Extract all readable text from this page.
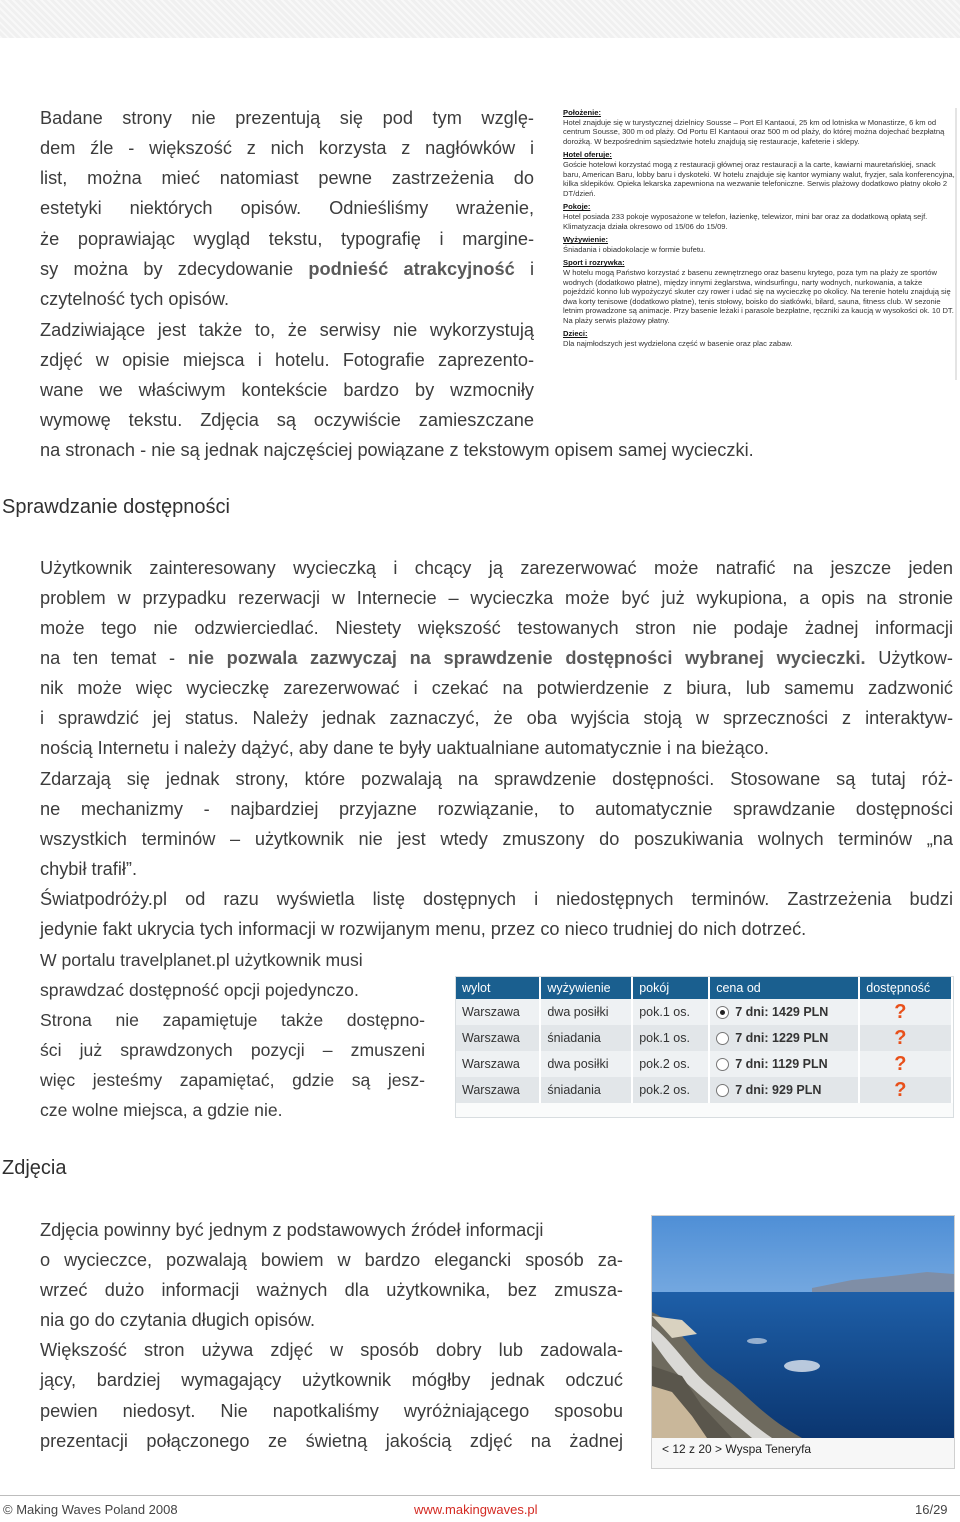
Badane strony nie prezentują się pod tym wzglę-

dem źle - większość z nich korzysta z nagłówków i

list, można mieć natomiast pewne zastrzeżenia do

estetyki niektórych opisów. Odnieśliśmy wrażenie,

że poprawiając wygląd tekstu, typografię i margine-

sy można by zdecydowanie podnieść atrakcyjność i

czytelność tych opisów.

Zadziwiające jest także to, że serwisy nie wykorzystują

zdjęć w opisie miejsca i hotelu. Fotografie zaprezento-

wane we właściwym kontekście bardzo by wzmocniły

wymowę tekstu. Zdjęcia są oczywiście zamieszczane

na stronach - nie są jednak najczęściej powiązane z tekstowym opisem samej wycieczki.

Położenie:
Hotel znajduje się w turystycznej dzielnicy Sousse – Port El Kantaoui, 25 km od lotniska w Monastirze, 6 km od centrum Sousse, 300 m od plaży. Od Portu El Kantaoui oraz 500 m od plaży, do której można dojechać bezpłatną dorożką. W bezpośrednim sąsiedztwie hotelu znajdują się restauracje, kafeterie i sklepy.
Hotel oferuje:
Goście hotelowi korzystać mogą z restauracji głównej oraz restauracji a la carte, kawiarni mauretańskiej, snack baru, American Baru, lobby baru i dyskoteki. W hotelu znajduje się kantor wymiany walut, fryzjer, sala konferencyjna, kilka sklepików. Opieka lekarska zapewniona na wezwanie telefoniczne. Serwis plażowy dodatkowo płatny około 2 DT/dzień.
Pokoje:
Hotel posiada 233 pokoje wyposażone w telefon, łazienkę, telewizor, mini bar oraz za dodatkową opłatą sejf. Klimatyzacja działa okresowo od 15/06 do 15/09.
Wyżywienie:
Śniadania i obiadokolacje w formie bufetu.
Sport i rozrywka:
W hotelu mogą Państwo korzystać z basenu zewnętrznego oraz basenu krytego, poza tym na plaży ze sportów wodnych (dodatkowo płatne), między innymi żeglarstwa, windsurfingu, narty wodnych, nurkowania, a także pojeździć konno lub wypożyczyć skuter czy rower i udać się na wycieczkę po okolicy. Na terenie hotelu znajdują się dwa korty tenisowe (dodatkowo płatne), tenis stołowy, boisko do siatkówki, bilard, sauna, fitness club. W sezonie letnim prowadzone są animacje. Przy basenie leżaki i parasole bezpłatne, ręczniki za kaucją w wysokości ok. 10 DT. Na plaży serwis plażowy płatny.
Dzieci:
Dla najmłodszych jest wydzielona część w basenie oraz plac zabaw.
Sprawdzanie dostępności

Użytkownik zainteresowany wycieczką i chcący ją zarezerwować może natrafić na jeszcze jeden

problem w przypadku rezerwacji w Internecie – wycieczka może być już wykupiona, a opis na stronie

może tego nie odzwierciedlać. Niestety większość testowanych stron nie podaje żadnej informacji

na ten temat - nie pozwala zazwyczaj na sprawdzenie dostępności wybranej wycieczki. Użytkow-

nik może więc wycieczkę zarezerwować i czekać na potwierdzenie z biura, lub samemu zadzwonić

i sprawdzić jej status. Należy jednak zaznaczyć, że oba wyjścia stoją w sprzeczności z interaktyw-

nością Internetu i należy dążyć, aby dane te były uaktualniane automatycznie i na bieżąco.

Zdarzają się jednak strony, które pozwalają na sprawdzenie dostępności. Stosowane są tutaj róż-

ne mechanizmy - najbardziej przyjazne rozwiązanie, to automatycznie sprawdzanie dostępności

wszystkich terminów – użytkownik nie jest wtedy zmuszony do poszukiwania wolnych terminów „na

chybił trafił”.

Światpodróży.pl od razu wyświetla listę dostępnych i niedostępnych terminów. Zastrzeżenia budzi

jedynie fakt ukrycia tych informacji w rozwijanym menu, przez co nieco trudniej do nich dotrzeć.

W portalu travelplanet.pl użytkownik musi

sprawdzać dostępność opcji pojedynczo.

Strona nie zapamiętuje także dostępno-

ści już sprawdzonych pozycji – zmuszeni

więc jesteśmy zapamiętać, gdzie są jesz-

cze wolne miejsca, a gdzie nie.

wylot	wyżywienie	pokój	cena od	dostępność
Warszawa	dwa posiłki	pok.1 os.	7 dni: 1429 PLN	?
Warszawa	śniadania	pok.1 os.	7 dni: 1229 PLN	?
Warszawa	dwa posiłki	pok.2 os.	7 dni: 1129 PLN	?
Warszawa	śniadania	pok.2 os.	7 dni: 929 PLN	?
Zdjęcia

Zdjęcia powinny być jednym z podstawowych źródeł informacji

o wycieczce, pozwalają bowiem w bardzo elegancki sposób za-

wrzeć dużo informacji ważnych dla użytkownika, bez zmusza-

nia go do czytania długich opisów.

Większość stron używa zdjęć w sposób dobry lub zadowala-

jący, bardziej wymagający użytkownik mógłby jednak odczuć

pewien niedosyt. Nie napotkaliśmy wyróżniającego sposobu

prezentacji połączonego ze świetną jakością zdjęć na żadnej	< 12 z 20 > Wyspa Teneryfa
© Making Waves Poland 2008	www.makingwaves.pl	16/29
